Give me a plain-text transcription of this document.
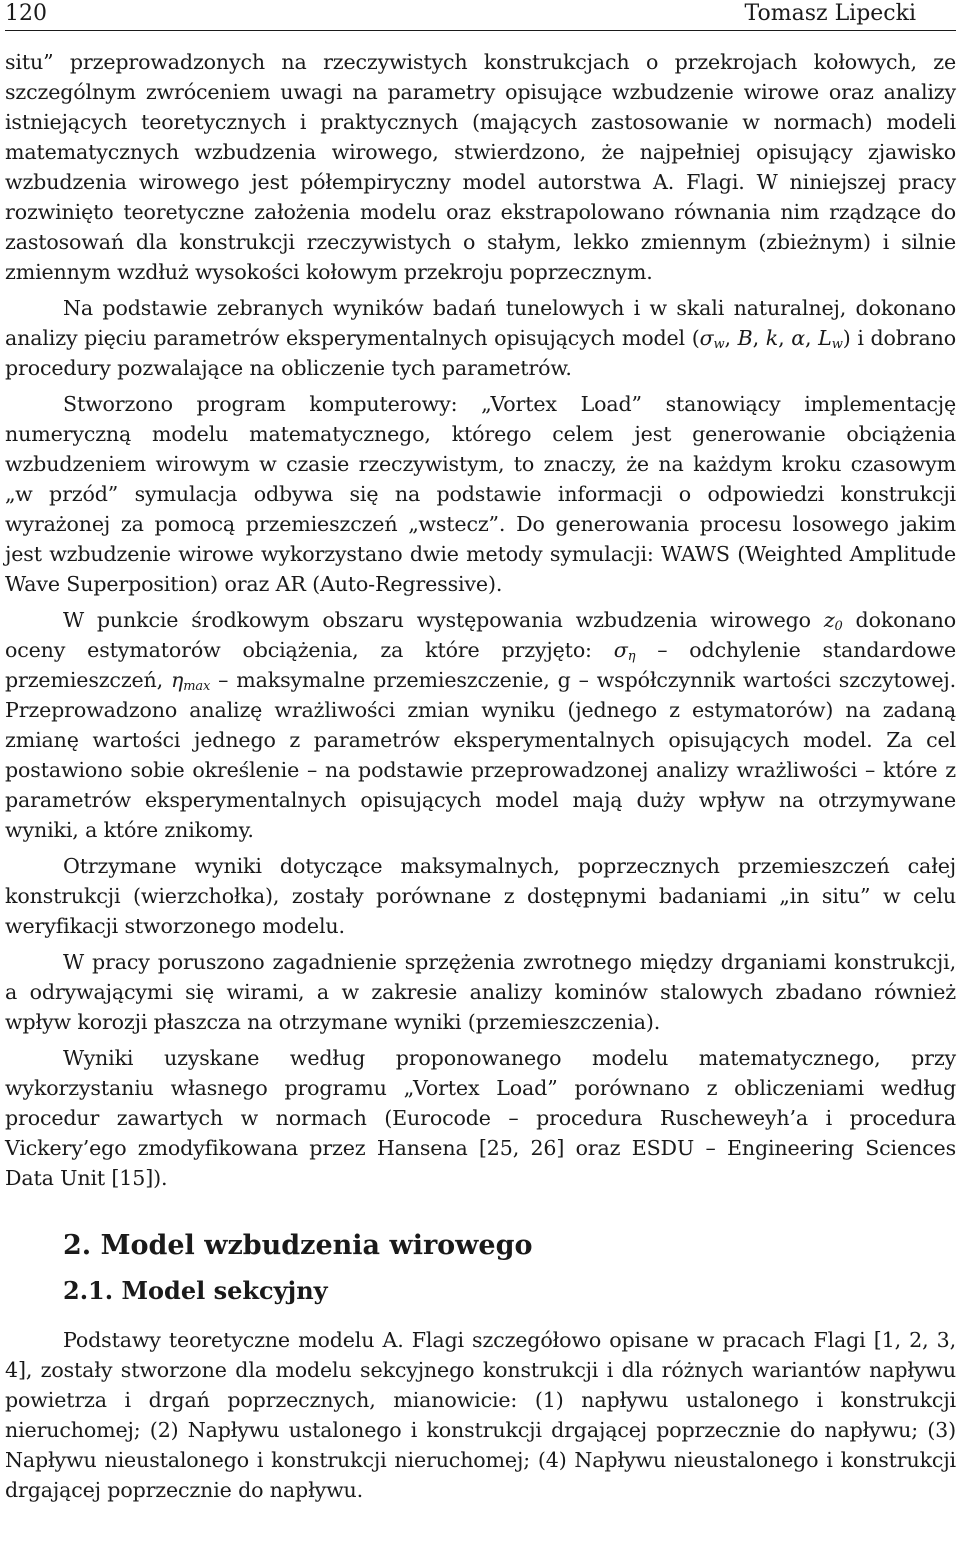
120	Tomasz Lipecki

situ” przeprowadzonych na rzeczywistych konstrukcjach o przekrojach kołowych, ze szczególnym zwróceniem uwagi na parametry opisujące wzbudzenie wirowe oraz analizy istniejących teoretycznych i praktycznych (mających zastosowanie w normach) modeli matematycznych wzbudzenia wirowego, stwierdzono, że najpełniej opisujący zjawisko wzbudzenia wirowego jest półempiryczny model autorstwa A. Flagi. W niniejszej pracy rozwinięto teoretyczne założenia modelu oraz ekstrapolowano równania nim rządzące do zastosowań dla konstrukcji rzeczywistych o stałym, lekko zmiennym (zbieżnym) i silnie zmiennym wzdłuż wysokości kołowym przekroju poprzecznym.

Na podstawie zebranych wyników badań tunelowych i w skali naturalnej, dokonano analizy pięciu parametrów eksperymentalnych opisujących model ($\sigma_w$, B, k, α, $L_w$) i dobrano procedury pozwalające na obliczenie tych parametrów.

Stworzono program komputerowy: „Vortex Load” stanowiący implementację numeryczną modelu matematycznego, którego celem jest generowanie obciążenia wzbudzeniem wirowym w czasie rzeczywistym, to znaczy, że na każdym kroku czasowym „w przód” symulacja odbywa się na podstawie informacji o odpowiedzi konstrukcji wyrażonej za pomocą przemieszczeń „wstecz”. Do generowania procesu losowego jakim jest wzbudzenie wirowe wykorzystano dwie metody symulacji: WAWS (Weighted Amplitude Wave Superposition) oraz AR (Auto-Regressive).

W punkcie środkowym obszaru występowania wzbudzenia wirowego $z_0$ dokonano oceny estymatorów obciążenia, za które przyjęto: $\sigma_\eta$ – odchylenie standardowe przemieszczeń, $\eta_{max}$ – maksymalne przemieszczenie, g – współczynnik wartości szczytowej. Przeprowadzono analizę wrażliwości zmian wyniku (jednego z estymatorów) na zadaną zmianę wartości jednego z parametrów eksperymentalnych opisujących model. Za cel postawiono sobie określenie – na podstawie przeprowadzonej analizy wrażliwości – które z parametrów eksperymentalnych opisujących model mają duży wpływ na otrzymywane wyniki, a które znikomy.

Otrzymane wyniki dotyczące maksymalnych, poprzecznych przemieszczeń całej konstrukcji (wierzchołka), zostały porównane z dostępnymi badaniami „in situ” w celu weryfikacji stworzonego modelu.

W pracy poruszono zagadnienie sprzężenia zwrotnego między drganiami konstrukcji, a odrywającymi się wirami, a w zakresie analizy kominów stalowych zbadano również wpływ korozji płaszcza na otrzymane wyniki (przemieszczenia).

Wyniki uzyskane według proponowanego modelu matematycznego, przy wykorzystaniu własnego programu „Vortex Load” porównano z obliczeniami według procedur zawartych w normach (Eurocode – procedura Ruscheweyh’a i procedura Vickery’ego zmodyfikowana przez Hansena [25, 26] oraz ESDU – Engineering Sciences Data Unit [15]).

2. Model wzbudzenia wirowego
2.1. Model sekcyjny

Podstawy teoretyczne modelu A. Flagi szczegółowo opisane w pracach Flagi [1, 2, 3, 4], zostały stworzone dla modelu sekcyjnego konstrukcji i dla różnych wariantów napływu powietrza i drgań poprzecznych, mianowicie: (1) napływu ustalonego i konstrukcji nieruchomej; (2) Napływu ustalonego i konstrukcji drgającej poprzecznie do napływu; (3) Napływu nieustalonego i konstrukcji nieruchomej; (4) Napływu nieustalonego i konstrukcji drgającej poprzecznie do napływu.
